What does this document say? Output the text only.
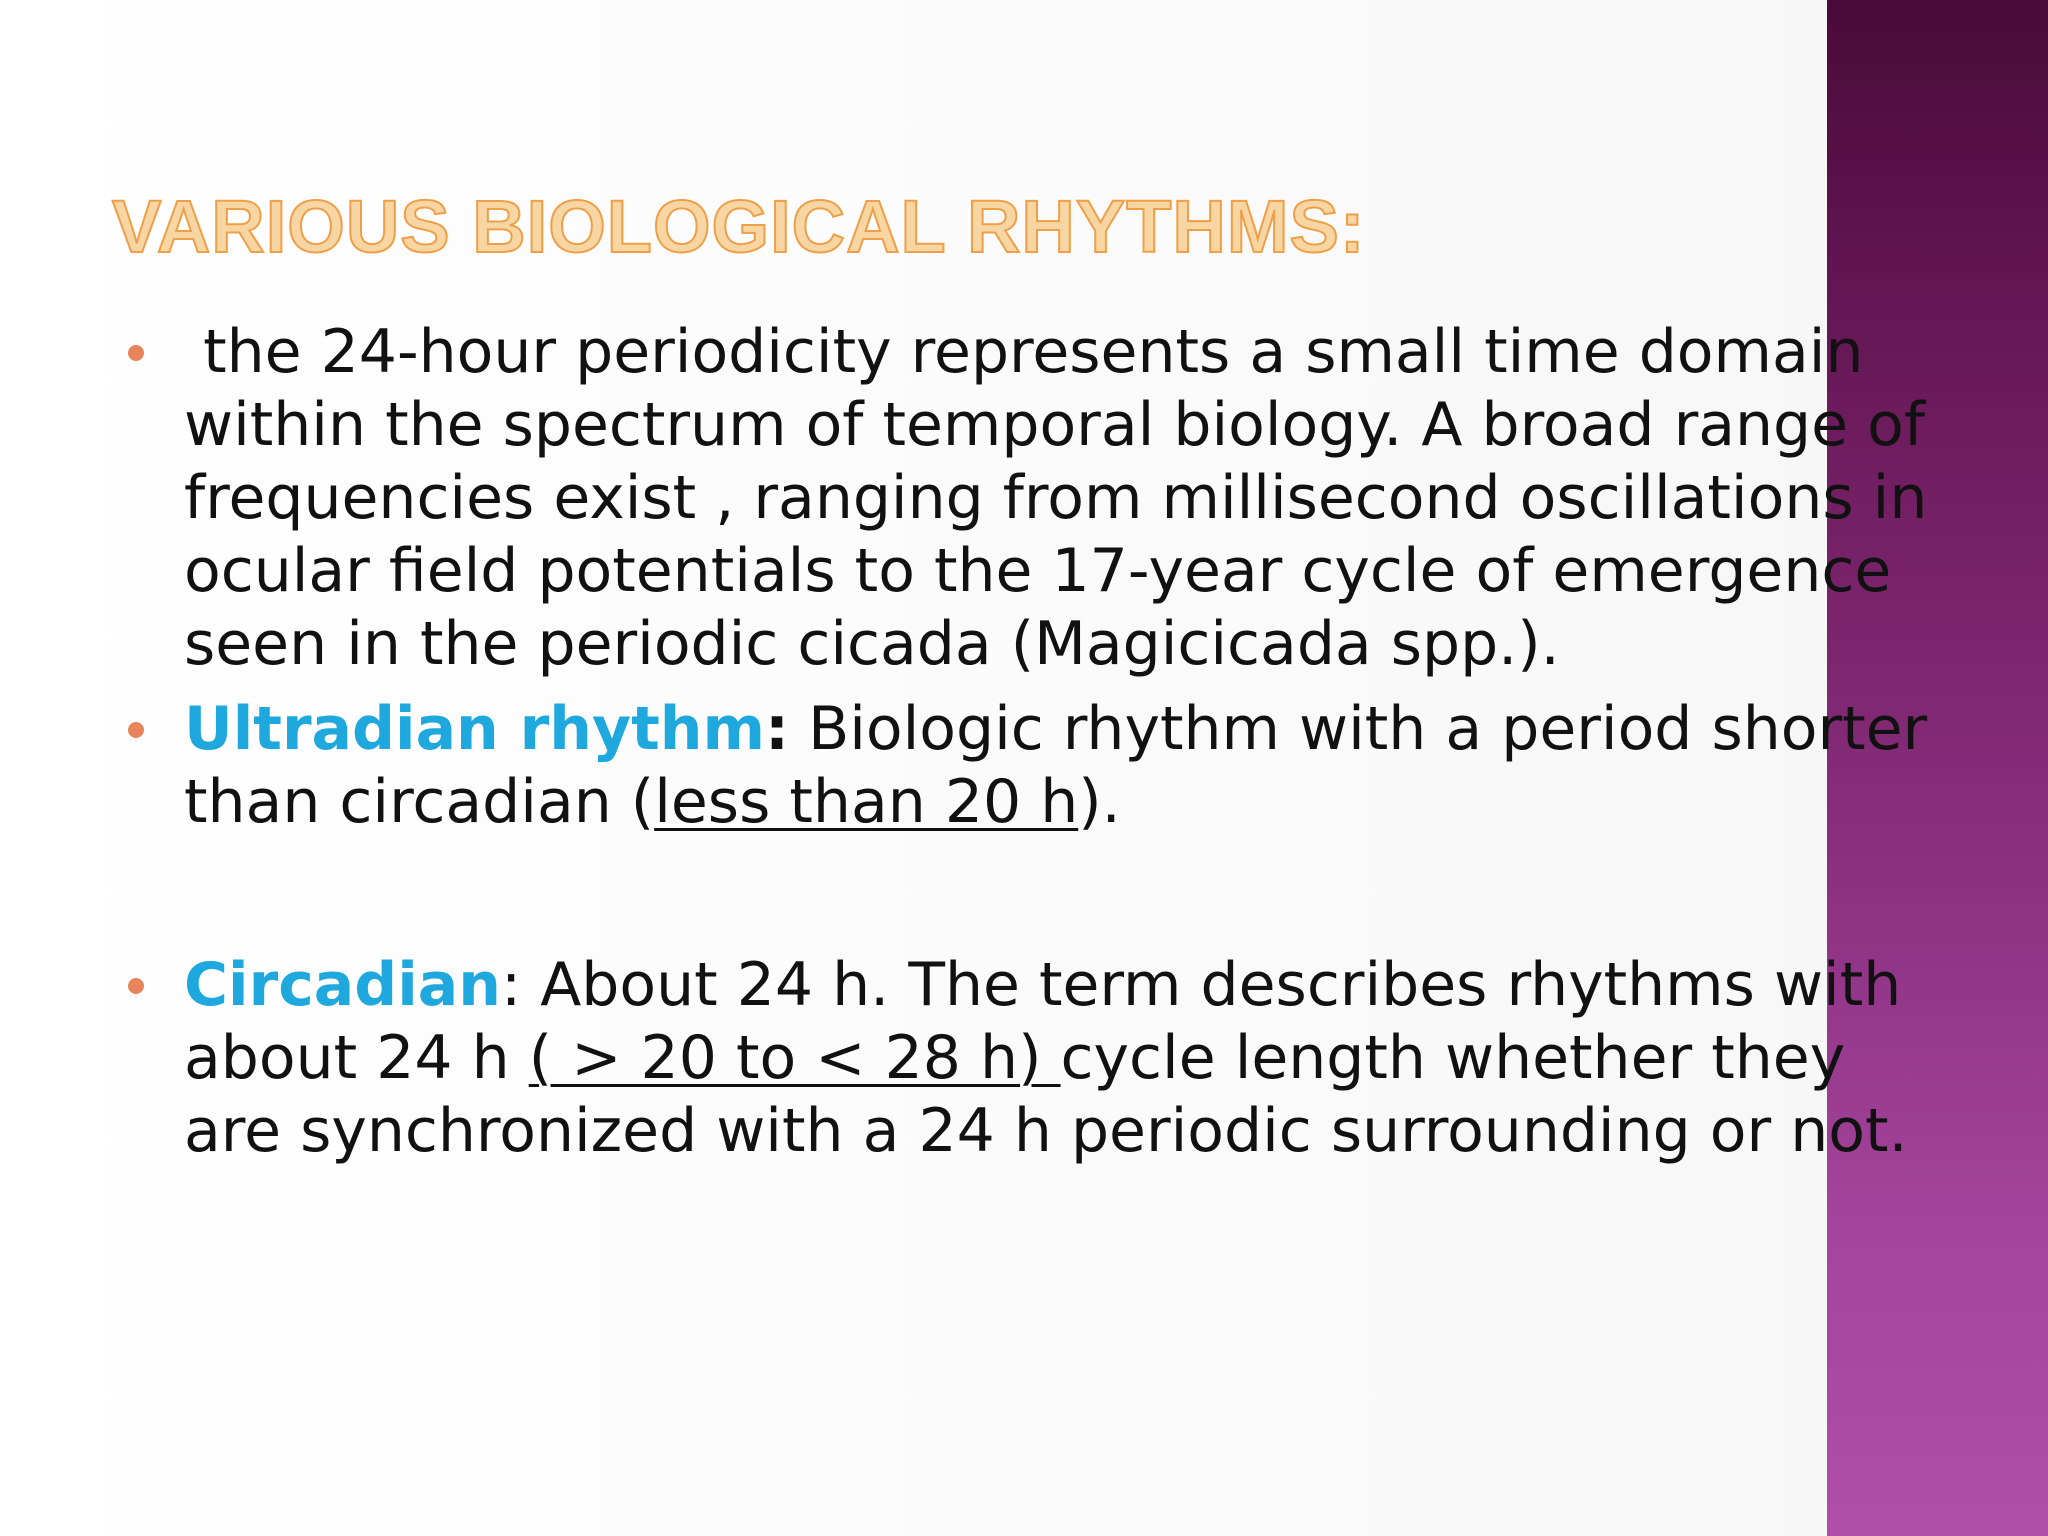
VARIOUS BIOLOGICAL RHYTHMS:
the 24-hour periodicity represents a small time domain within the spectrum of temporal biology. A broad range of frequencies exist , ranging from millisecond oscillations in ocular field potentials to the 17-year cycle of emergence seen in the periodic cicada (Magicicada spp.).
Ultradian rhythm: Biologic rhythm with a period shorter than circadian (less than 20 h).
Circadian: About 24 h. The term describes rhythms with about 24 h ( > 20 to < 28 h) cycle length whether they are synchronized with a 24 h periodic surrounding or not.
